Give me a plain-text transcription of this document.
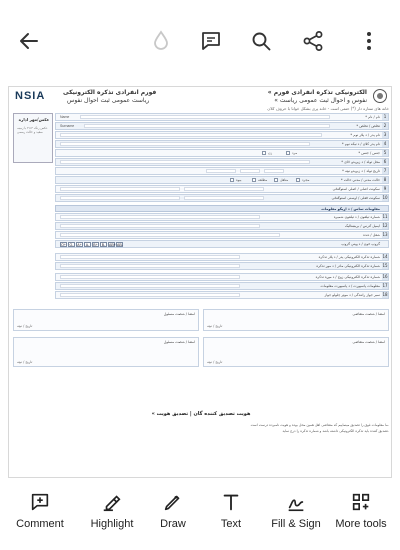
NSIA	فورم انفرادی تذکره الکترونیکی
ریاست عمومی ثبت احوال نفوس
« الکترونیکی تذکره انفرادی فورم
« نفوس و احوال ثبت عمومی ریاست
خانه های ستاره دار (*) حتمی است - خانه پری بشکل خوانا با حروف کلان
عکس/مهر اداره
عکس رنگه ۳×۴ با زمینه سفید و حالت رسمی
1
* نام / نام
Name
2
* تخلص / تخلص
Surname
3
* نام پدر / د پلار نوم
4
* نام پدر کلان / د نیکه نوم
5
* جنس / جنس
مرد
زن
6
* محل تولد / د زیږیدو ځای
7
* تاریخ تولد / د زیږیدو نیټه
8
* حالت مدنی / مدني حالت
مجرد
متاهل
مطلقه
بیوه
9
سکونت اصلی / اصلي استوګنځی
10
سکونت فعلی / اوسنی استوګنځی
معلومات تماس / د اړیکو معلومات
11
شماره تیلفون / د تیلفون شمیره
12
ایمیل آدرس / بریښنالیک
13
شغل / دنده
گروپ خون / د وینې ګروپ
O+	O-	A+	A-	B+	B-	AB+ AB-
14
شماره تذکره الکترونیکی پدر / د پلار تذکره
15
شماره تذکره الکترونیکی مادر / د مور تذکره
16
شماره تذکره الکترونیکی زوج / د مېړه تذکره
17
معلومات پاسپورت / د پاسپورت معلومات
18
نمبر جواز رانندگی / د موټر چلولو جواز
امضا / شصت مسئول
تاریخ / نیټه
امضا / شصت متقاضی
تاریخ / نیټه
امضا / شصت مسئول
تاریخ / نیټه
امضا / شصت متقاضی
تاریخ / نیټه
« هویت تصدیق کننده گان | تصدیق هویت
ما معلومات فوق را تصدیق مینماییم که متقاضی اهل همین محل بوده و هویت نامبرده درست است.
تصدیق کننده باید تذکره الکترونیکی داشته باشد و شماره تذکره را درج نماید.
Comment Highlight Draw	Text	Fill & Sign More tools
